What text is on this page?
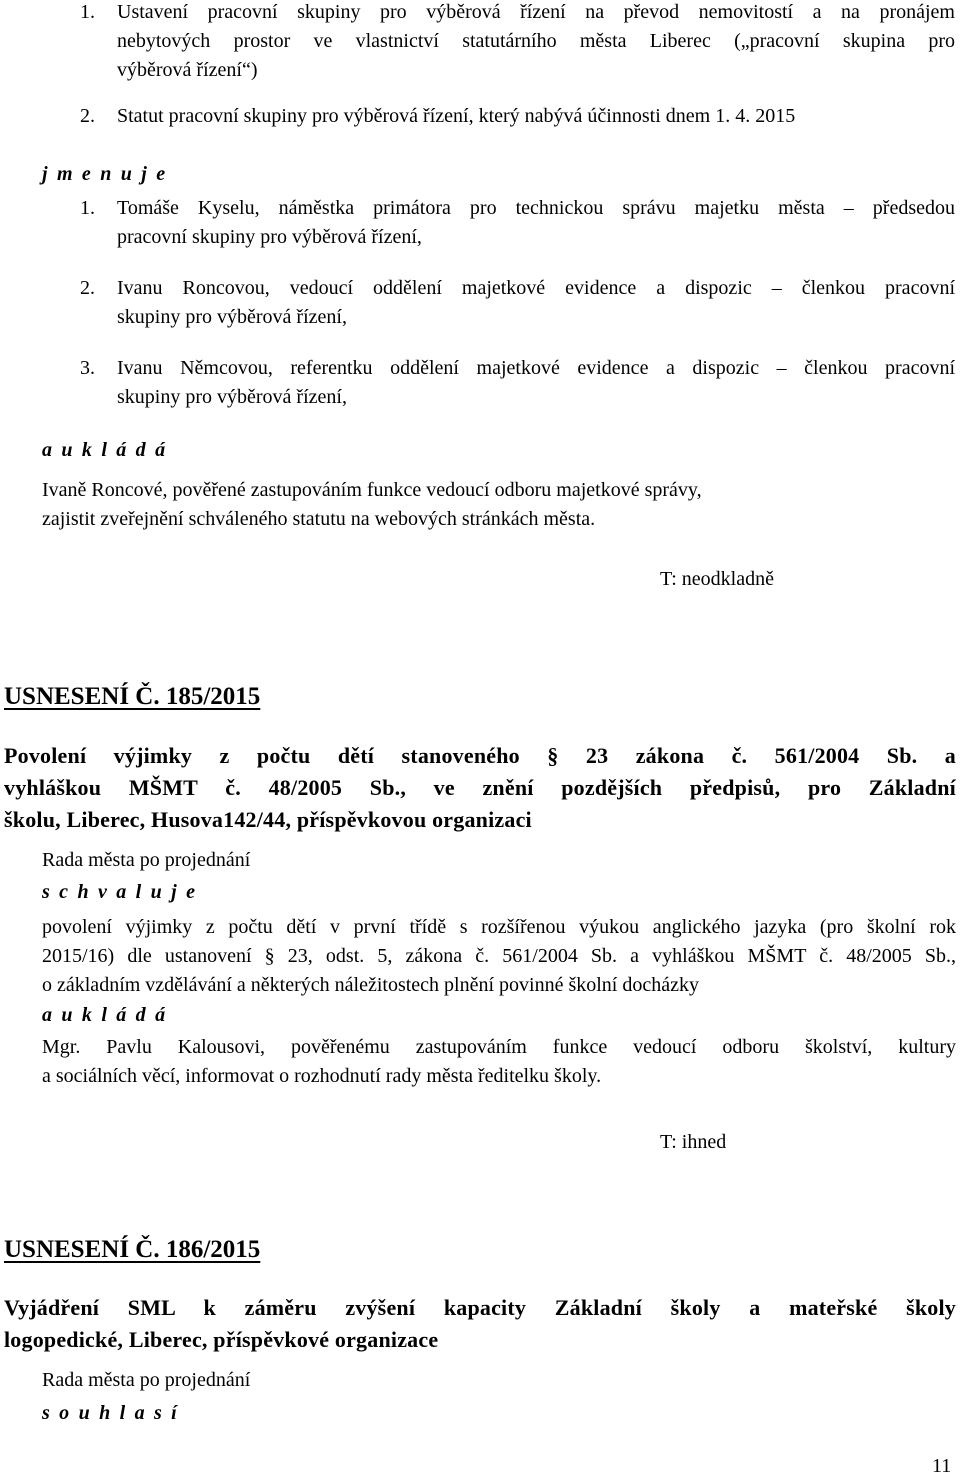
1. Ustavení pracovní skupiny pro výběrová řízení na převod nemovitostí a na pronájem
nebytových prostor ve vlastnictví statutárního města Liberec („pracovní skupina pro
výběrová řízení“)
2. Statut pracovní skupiny pro výběrová řízení, který nabývá účinnosti dnem 1. 4. 2015
j m e n u j e
1. Tomáše Kyselu, náměstka primátora pro technickou správu majetku města – předsedou
pracovní skupiny pro výběrová řízení,
2. Ivanu Roncovou, vedoucí oddělení majetkové evidence a dispozic – členkou pracovní
skupiny pro výběrová řízení,
3. Ivanu Němcovou, referentku oddělení majetkové evidence a dispozic – členkou pracovní
skupiny pro výběrová řízení,
a u k l á d á
Ivaně Roncové, pověřené zastupováním funkce vedoucí odboru majetkové správy,
zajistit zveřejnění schváleného statutu na webových stránkách města.
T: neodkladně
USNESENÍ Č. 185/2015
Povolení výjimky z počtu dětí stanoveného § 23 zákona č. 561/2004 Sb. a
vyhláškou MŠMT č. 48/2005 Sb., ve znění pozdějších předpisů, pro Základní
školu, Liberec, Husova142/44, příspěvkovou organizaci
Rada města po projednání
s c h v a l u j e
povolení výjimky z počtu dětí v první třídě s rozšířenou výukou anglického jazyka (pro školní rok
2015/16) dle ustanovení § 23, odst. 5, zákona č. 561/2004 Sb. a vyhláškou MŠMT č. 48/2005 Sb.,
o základním vzdělávání a některých náležitostech plnění povinné školní docházky
a u k l á d á
Mgr. Pavlu Kalousovi, pověřenému zastupováním funkce vedoucí odboru školství, kultury
a sociálních věcí, informovat o rozhodnutí rady města ředitelku školy.
T: ihned
USNESENÍ Č. 186/2015
Vyjádření SML k záměru zvýšení kapacity Základní školy a mateřské školy
logopedické, Liberec, příspěvkové organizace
Rada města po projednání
s o u h l a s í
11
